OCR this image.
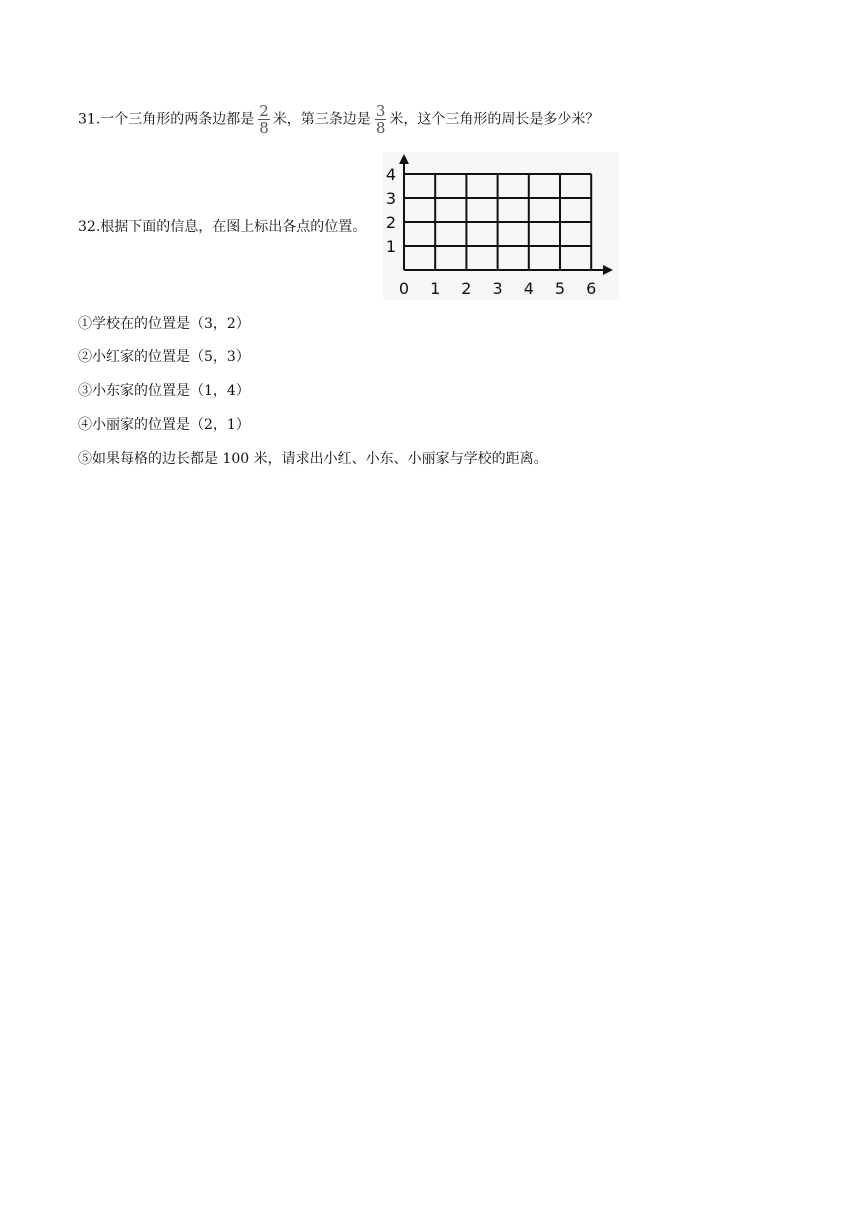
31.一个三角形的两条边都是 $\frac{2}{8}$ 米，第三条边是 $\frac{3}{8}$ 米，这个三角形的周长是多少米？
32.根据下面的信息，在图上标出各点的位置。
0 1 2 3 4 5 6
1
2
3
4
①学校在的位置是（3，2）
②小红家的位置是（5，3）
③小东家的位置是（1，4）
④小丽家的位置是（2，1）
⑤如果每格的边长都是 100 米，请求出小红、小东、小丽家与学校的距离。
